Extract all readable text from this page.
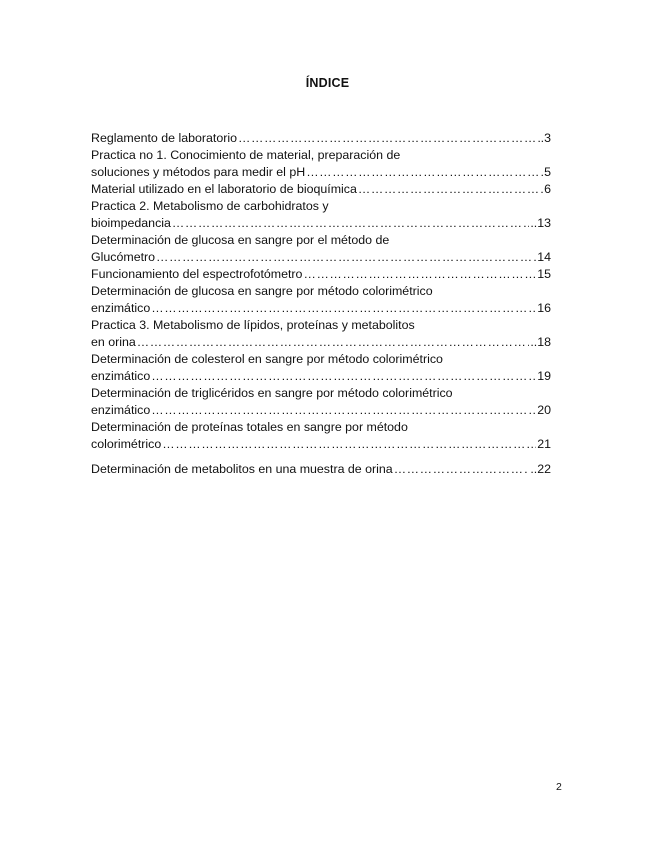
ÍNDICE
Reglamento de laboratorio ………………………………………………………………………………………………………………………………………………………………	.3
Practica no 1. Conocimiento de material, preparación de
soluciones y métodos para medir el pH ………………………………………………………………………………………………………………………………………………………………	5
Material utilizado en el laboratorio de bioquímica ………………………………………………………………………………………………………………………………………………………………	6
Practica 2. Metabolismo de carbohidratos y
bioimpedancia ………………………………………………………………………………………………………………………………………………………………	..13
Determinación de glucosa en sangre por el método de
Glucómetro ………………………………………………………………………………………………………………………………………………………………	14
Funcionamiento del espectrofotómetro ………………………………………………………………………………………………………………………………………………………………	15
Determinación de glucosa en sangre por método colorimétrico
enzimático ………………………………………………………………………………………………………………………………………………………………	16
Practica 3. Metabolismo de lípidos, proteínas y metabolitos
en orina ………………………………………………………………………………………………………………………………………………………………	..18
Determinación de colesterol en sangre por método colorimétrico
enzimático ………………………………………………………………………………………………………………………………………………………………	19
Determinación de triglicéridos en sangre por método colorimétrico
enzimático ………………………………………………………………………………………………………………………………………………………………	20
Determinación de proteínas totales en sangre por método
colorimétrico ………………………………………………………………………………………………………………………………………………………………	21
Determinación de metabolitos en una muestra de orina ………………………………………………………………………………………………………………………………………………………………	..22
2
